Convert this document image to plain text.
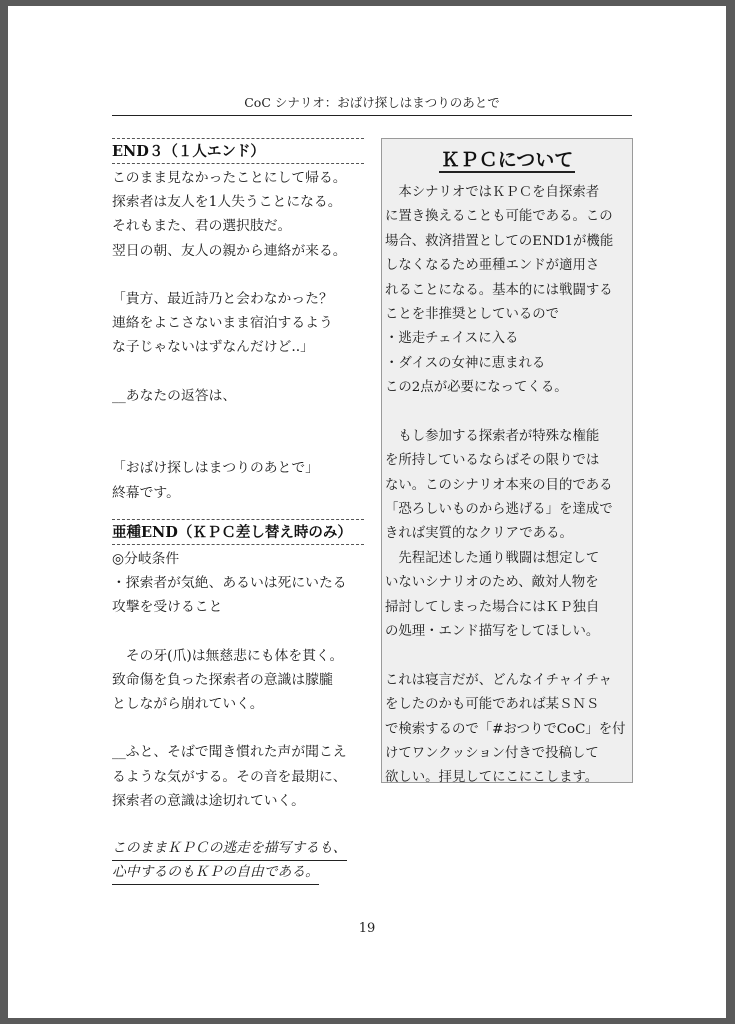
CoC シナリオ：おばけ探しはまつりのあとで
END３（１人エンド）
このまま見なかったことにして帰る。
探索者は友人を1人失うことになる。
それもまた、君の選択肢だ。
翌日の朝、友人の親から連絡が来る。
「貴方、最近詩乃と会わなかった？
連絡をよこさないまま宿泊するよう
な子じゃないはずなんだけど..」
__あなたの返答は、
「おばけ探しはまつりのあとで」
終幕です。
亜種END（ＫＰＣ差し替え時のみ）
◎分岐条件
・探索者が気絶、あるいは死にいたる
攻撃を受けること
　その牙(爪)は無慈悲にも体を貫く。
致命傷を負った探索者の意識は朦朧
としながら崩れていく。
__ふと、そばで聞き慣れた声が聞こえ
るような気がする。その音を最期に、
探索者の意識は途切れていく。
このままＫＰＣの逃走を描写するも、
心中するのもＫＰの自由である。
ＫＰＣについて
　本シナリオではＫＰＣを自探索者
に置き換えることも可能である。この
場合、救済措置としてのEND1が機能
しなくなるため亜種エンドが適用さ
れることになる。基本的には戦闘する
ことを非推奨としているので
・逃走チェイスに入る
・ダイスの女神に恵まれる
この2点が必要になってくる。
　もし参加する探索者が特殊な権能
を所持しているならばその限りでは
ない。このシナリオ本来の目的である
「恐ろしいものから逃げる」を達成で
きれば実質的なクリアである。
　先程記述した通り戦闘は想定して
いないシナリオのため、敵対人物を
掃討してしまった場合にはＫＰ独自
の処理・エンド描写をしてほしい。
これは寝言だが、どんなイチャイチャ
をしたのかも可能であれば某ＳＮＳ
で検索するので「#おつりでCoC」を付
けてワンクッション付きで投稿して
欲しい。拝見してにこにこします。
19
